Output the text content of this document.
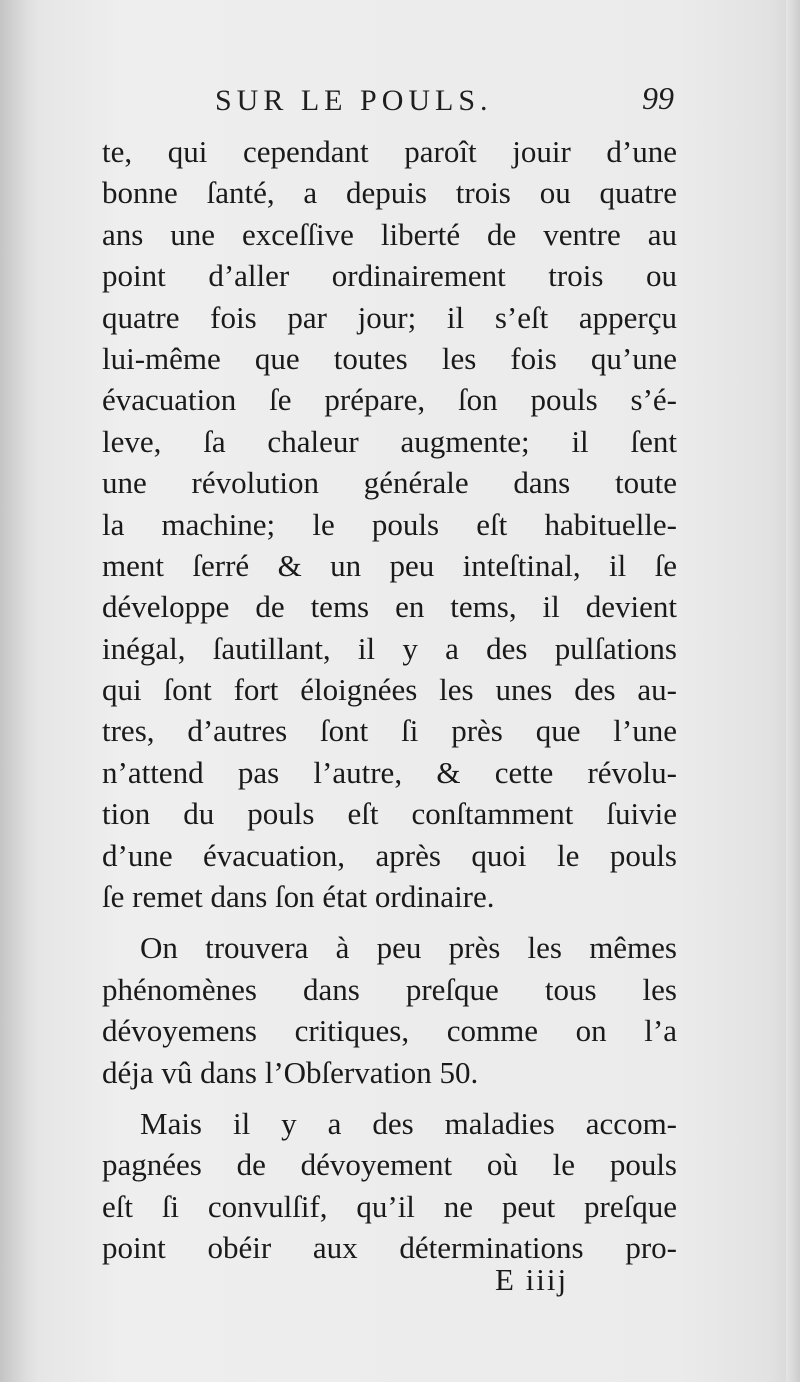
SUR LE POULS.	99
te, qui cependant paroît jouir d’une
bonne ſanté, a depuis trois ou quatre
ans une exceſſive liberté de ventre au
point d’aller ordinairement trois ou
quatre fois par jour; il s’eſt apperçu
lui-même que toutes les fois qu’une
évacuation ſe prépare, ſon pouls s’é-
leve, ſa chaleur augmente; il ſent
une révolution générale dans toute
la machine; le pouls eſt habituelle-
ment ſerré & un peu inteſtinal, il ſe
développe de tems en tems, il devient
inégal, ſautillant, il y a des pulſations
qui ſont fort éloignées les unes des au-
tres, d’autres ſont ſi près que l’une
n’attend pas l’autre, & cette révolu-
tion du pouls eſt conſtamment ſuivie
d’une évacuation, après quoi le pouls
ſe remet dans ſon état ordinaire.
On trouvera à peu près les mêmes
phénomènes dans preſque tous les
dévoyemens critiques, comme on l’a
déja vû dans l’Obſervation 50.
Mais il y a des maladies accom-
pagnées de dévoyement où le pouls
eſt ſi convulſif, qu’il ne peut preſque
point obéir aux déterminations pro-
E iiij
